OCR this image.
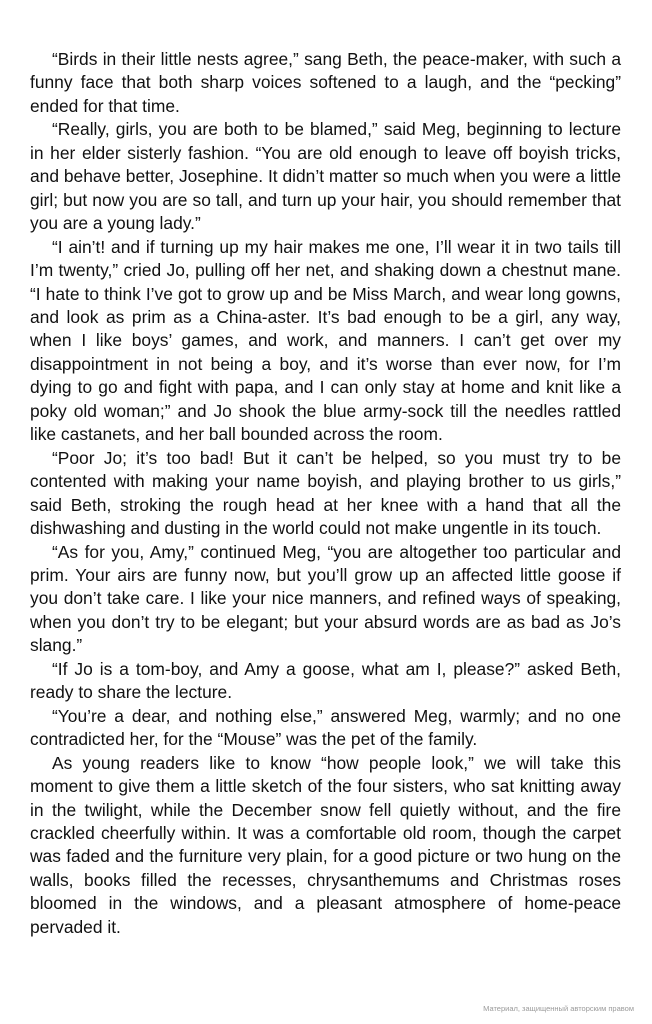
“Birds in their little nests agree,” sang Beth, the peace-maker, with such a funny face that both sharp voices softened to a laugh, and the “pecking” ended for that time.

“Really, girls, you are both to be blamed,” said Meg, beginning to lecture in her elder sisterly fashion. “You are old enough to leave off boyish tricks, and behave better, Josephine. It didn’t matter so much when you were a little girl; but now you are so tall, and turn up your hair, you should remember that you are a young lady.”

“I ain’t! and if turning up my hair makes me one, I’ll wear it in two tails till I’m twenty,” cried Jo, pulling off her net, and shaking down a chestnut mane. “I hate to think I’ve got to grow up and be Miss March, and wear long gowns, and look as prim as a China-aster. It’s bad enough to be a girl, any way, when I like boys’ games, and work, and manners. I can’t get over my disappointment in not being a boy, and it’s worse than ever now, for I’m dying to go and fight with papa, and I can only stay at home and knit like a poky old woman;” and Jo shook the blue army-sock till the needles rattled like castanets, and her ball bounded across the room.

“Poor Jo; it’s too bad! But it can’t be helped, so you must try to be contented with making your name boyish, and playing brother to us girls,” said Beth, stroking the rough head at her knee with a hand that all the dishwashing and dusting in the world could not make ungentle in its touch.

“As for you, Amy,” continued Meg, “you are altogether too particular and prim. Your airs are funny now, but you’ll grow up an affected little goose if you don’t take care. I like your nice manners, and refined ways of speaking, when you don’t try to be elegant; but your absurd words are as bad as Jo’s slang.”

“If Jo is a tom-boy, and Amy a goose, what am I, please?” asked Beth, ready to share the lecture.

“You’re a dear, and nothing else,” answered Meg, warmly; and no one contradicted her, for the “Mouse” was the pet of the family.

As young readers like to know “how people look,” we will take this moment to give them a little sketch of the four sisters, who sat knitting away in the twilight, while the December snow fell quietly without, and the fire crackled cheerfully within. It was a comfortable old room, though the carpet was faded and the furniture very plain, for a good picture or two hung on the walls, books filled the recesses, chrysanthemums and Christmas roses bloomed in the windows, and a pleasant atmosphere of home-peace pervaded it.

Материал, защищенный авторским правом
